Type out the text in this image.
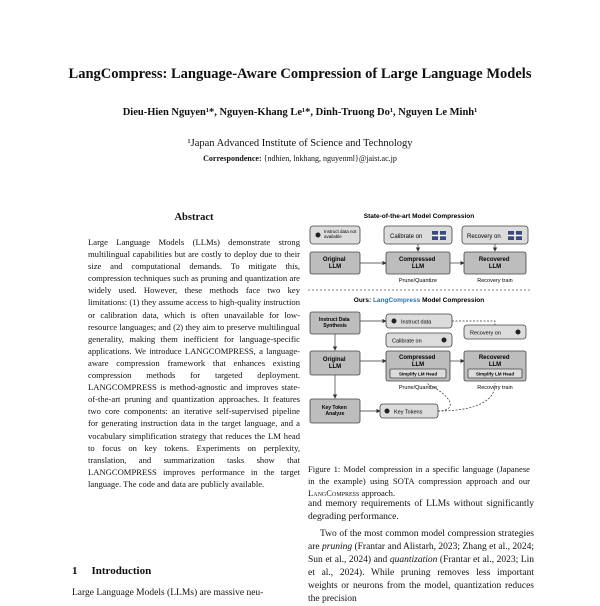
LangCompress: Language-Aware Compression of Large Language Models
Dieu-Hien Nguyen¹*, Nguyen-Khang Le¹*, Dinh-Truong Do¹, Nguyen Le Minh¹
¹Japan Advanced Institute of Science and Technology
Correspondence: {ndhien, lnkhang, nguyenml}@jaist.ac.jp
Abstract
Large Language Models (LLMs) demonstrate strong multilingual capabilities but are costly to deploy due to their size and computational demands. To mitigate this, compression techniques such as pruning and quantization are widely used. However, these methods face two key limitations: (1) they assume access to high-quality instruction or calibration data, which is often unavailable for low-resource languages; and (2) they aim to preserve multilingual generality, making them inefficient for language-specific applications. We introduce LANGCOMPRESS, a language-aware compression framework that enhances existing compression methods for targeted deployment. LANGCOMPRESS is method-agnostic and improves state-of-the-art pruning and quantization approaches. It features two core components: an iterative self-supervised pipeline for generating instruction data in the target language, and a vocabulary simplification strategy that reduces the LM head to focus on key tokens. Experiments on perplexity, translation, and summarization tasks show that LANGCOMPRESS improves performance in the target language. The code and data are publicly available.
1 Introduction
Large Language Models (LLMs) are massive neu-
State-of-the-art Model Compression
Instruct data not available	Calibrate on	Recovery on
Original LLM
Compressed LLM
Recovered LLM
Prune/Quantize	Recovery train
Ours: LangCompress Model Compression
Instruct Data Synthesis
Instruct data
Recovery on
Calibrate on
Original LLM
Compressed LLM
Simplify LM Head
Recovered LLM
Simplify LM Head
Prune/Quantize	Recovery train
Key Token Analyze	Key Tokens
Figure 1: Model compression in a specific language (Japanese in the example) using SOTA compression approach and our LangCompress approach.

and memory requirements of LLMs without significantly degrading performance.

Two of the most common model compression strategies are pruning (Frantar and Alistarh, 2023; Zhang et al., 2024; Sun et al., 2024) and quantization (Frantar et al., 2023; Lin et al., 2024). While pruning removes less important weights or neurons from the model, quantization reduces the precision
